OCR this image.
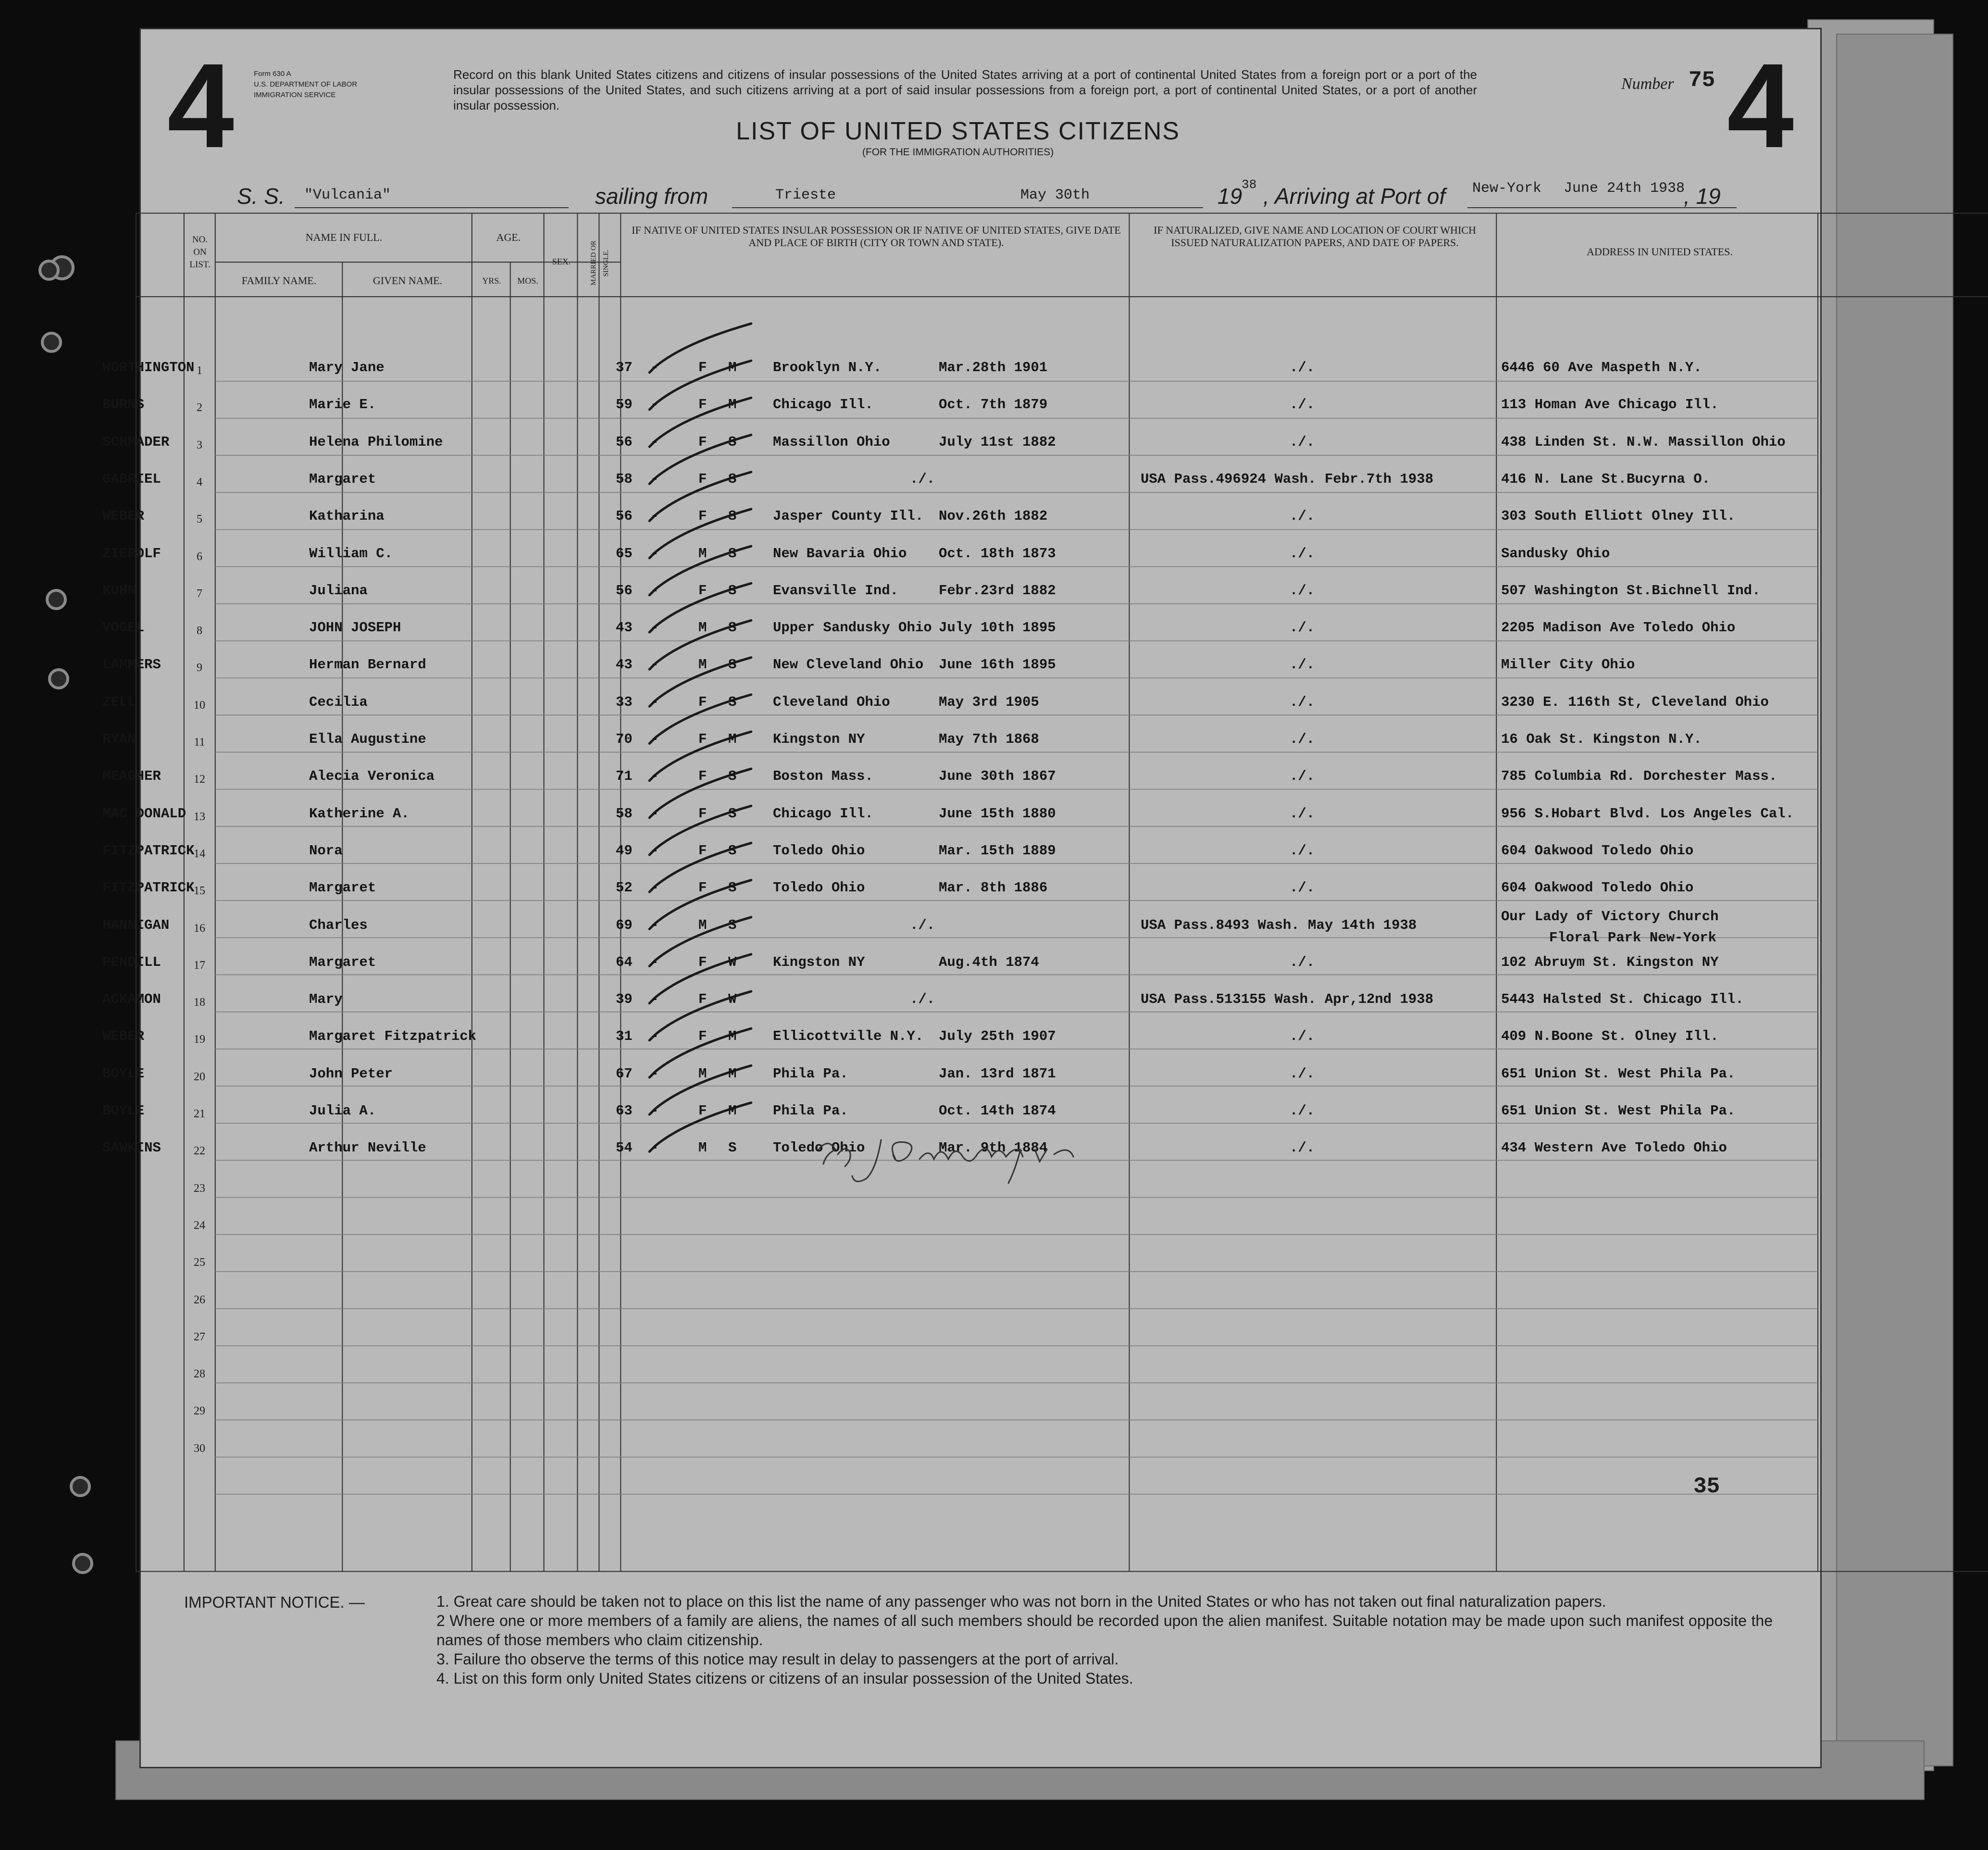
4	4
Form 630 A
U.S. DEPARTMENT OF LABOR
IMMIGRATION SERVICE
Record on this blank United States citizens and citizens of insular possessions of the United States arriving at a port of continental United States from a foreign port or a port of the insular possessions of the United States, and such citizens arriving at a port of said insular possessions from a foreign port, a port of continental United States, or a port of another insular possession.
Number 75
LIST OF UNITED STATES CITIZENS
(FOR THE IMMIGRATION AUTHORITIES)
S. S. "Vulcania"	sailing from	Trieste	May 30th	19
38 , Arriving at Port of New-York June 24th 1938
, 19
NO. ON LIST.
NAME IN FULL.
FAMILY NAME.	GIVEN NAME.
AGE.
YRS.	MOS.
SEX.	MARRIED OR SINGLE.
IF NATIVE OF UNITED STATES INSULAR POSSESSION OR IF NATIVE OF UNITED STATES, GIVE DATE AND PLACE OF BIRTH (CITY OR TOWN AND STATE).
IF NATURALIZED, GIVE NAME AND LOCATION OF COURT WHICH ISSUED NATURALIZATION PAPERS, AND DATE OF PAPERS.
ADDRESS IN UNITED STATES.
1
WORTHINGTON	Mary Jane	37 -	F M	Brooklyn N.Y.	Mar.28th 1901	./.	6446 60 Ave Maspeth N.Y.
2
BURNS	Marie E.	59 -	F M	Chicago Ill.	Oct. 7th 1879	./.	113 Homan Ave Chicago Ill.
3
SCHMADER	Helena Philomine	56 -	F S	Massillon Ohio	July 11st 1882	./.	438 Linden St. N.W. Massillon Ohio
4
GABRIEL	Margaret	58 -	F S	./.	USA Pass.496924 Wash. Febr.7th 1938	416 N. Lane St.Bucyrna O.
5
WEBER	Katharina	56 -	F S	Jasper County Ill. Nov.26th 1882	./.	303 South Elliott Olney Ill.
6
ZIEROLF	William C.	65 -	M S	New Bavaria Ohio Oct. 18th 1873	./.	Sandusky Ohio
7
KUHN	Juliana	56 -	F S	Evansville Ind.	Febr.23rd 1882	./.	507 Washington St.Bichnell Ind.
8
VOGEL	JOHN JOSEPH	43 -	M S	Upper Sandusky Ohio July 10th 1895	./.	2205 Madison Ave Toledo Ohio
9
LAMMERS	Herman Bernard	43 -	M S	New Cleveland Ohio June 16th 1895	./.	Miller City Ohio
10
ZELL	Cecilia	33 -	F S	Cleveland Ohio	May 3rd 1905	./.	3230 E. 116th St, Cleveland Ohio
11
RYAN	Ella Augustine	70 -	F M	Kingston NY	May 7th 1868	./.	16 Oak St. Kingston N.Y.
12
MEAGHER	Alecia Veronica	71 -	F S	Boston Mass.	June 30th 1867	./.	785 Columbia Rd. Dorchester Mass.
13
MAC DONALD	Katherine A.	58 -	F S	Chicago Ill.	June 15th 1880	./.	956 S.Hobart Blvd. Los Angeles Cal.
14
FITZPATRICK	Nora	49 -	F S	Toledo Ohio	Mar. 15th 1889	./.	604 Oakwood Toledo Ohio
15
FITZPATRICK	Margaret	52 -	F S	Toledo Ohio	Mar. 8th 1886	./.	604 Oakwood Toledo Ohio
16
HANNIGAN	Charles	69 -	M S	./.	USA Pass.8493 Wash. May 14th 1938
Our Lady of Victory Church
Floral Park New-York
17
PENDILL	Margaret	64 -	F W	Kingston NY	Aug.4th 1874	./.	102 Abruym St. Kingston NY
18
ACKAMON	Mary	39 -	F W	./.	USA Pass.513155 Wash. Apr,12nd 1938	5443 Halsted St. Chicago Ill.
19
WEBER	Margaret Fitzpatrick	31 -	F M	Ellicottville N.Y. July 25th 1907	./.	409 N.Boone St. Olney Ill.
20
BOYLE	John Peter	67 -	M M	Phila Pa.	Jan. 13rd 1871	./.	651 Union St. West Phila Pa.
21
BOYLE	Julia A.	63 -	F M	Phila Pa.	Oct. 14th 1874	./.	651 Union St. West Phila Pa.
22
SAWKINS	Arthur Neville	54 -	M S	Toledo Ohio	Mar. 9th 1884	./.	434 Western Ave Toledo Ohio
23
24
25
26
27
28
29
30
35
IMPORTANT NOTICE. —	1. Great care should be taken not to place on this list the name of any passenger who was not born in the United States or who has not taken out final naturalization papers.
2 Where one or more members of a family are aliens, the names of all such members should be recorded upon the alien manifest. Suitable notation may be made upon such manifest opposite the names of those members who claim citizenship.
3. Failure tho observe the terms of this notice may result in delay to passengers at the port of arrival.
4. List on this form only United States citizens or citizens of an insular possession of the United States.
